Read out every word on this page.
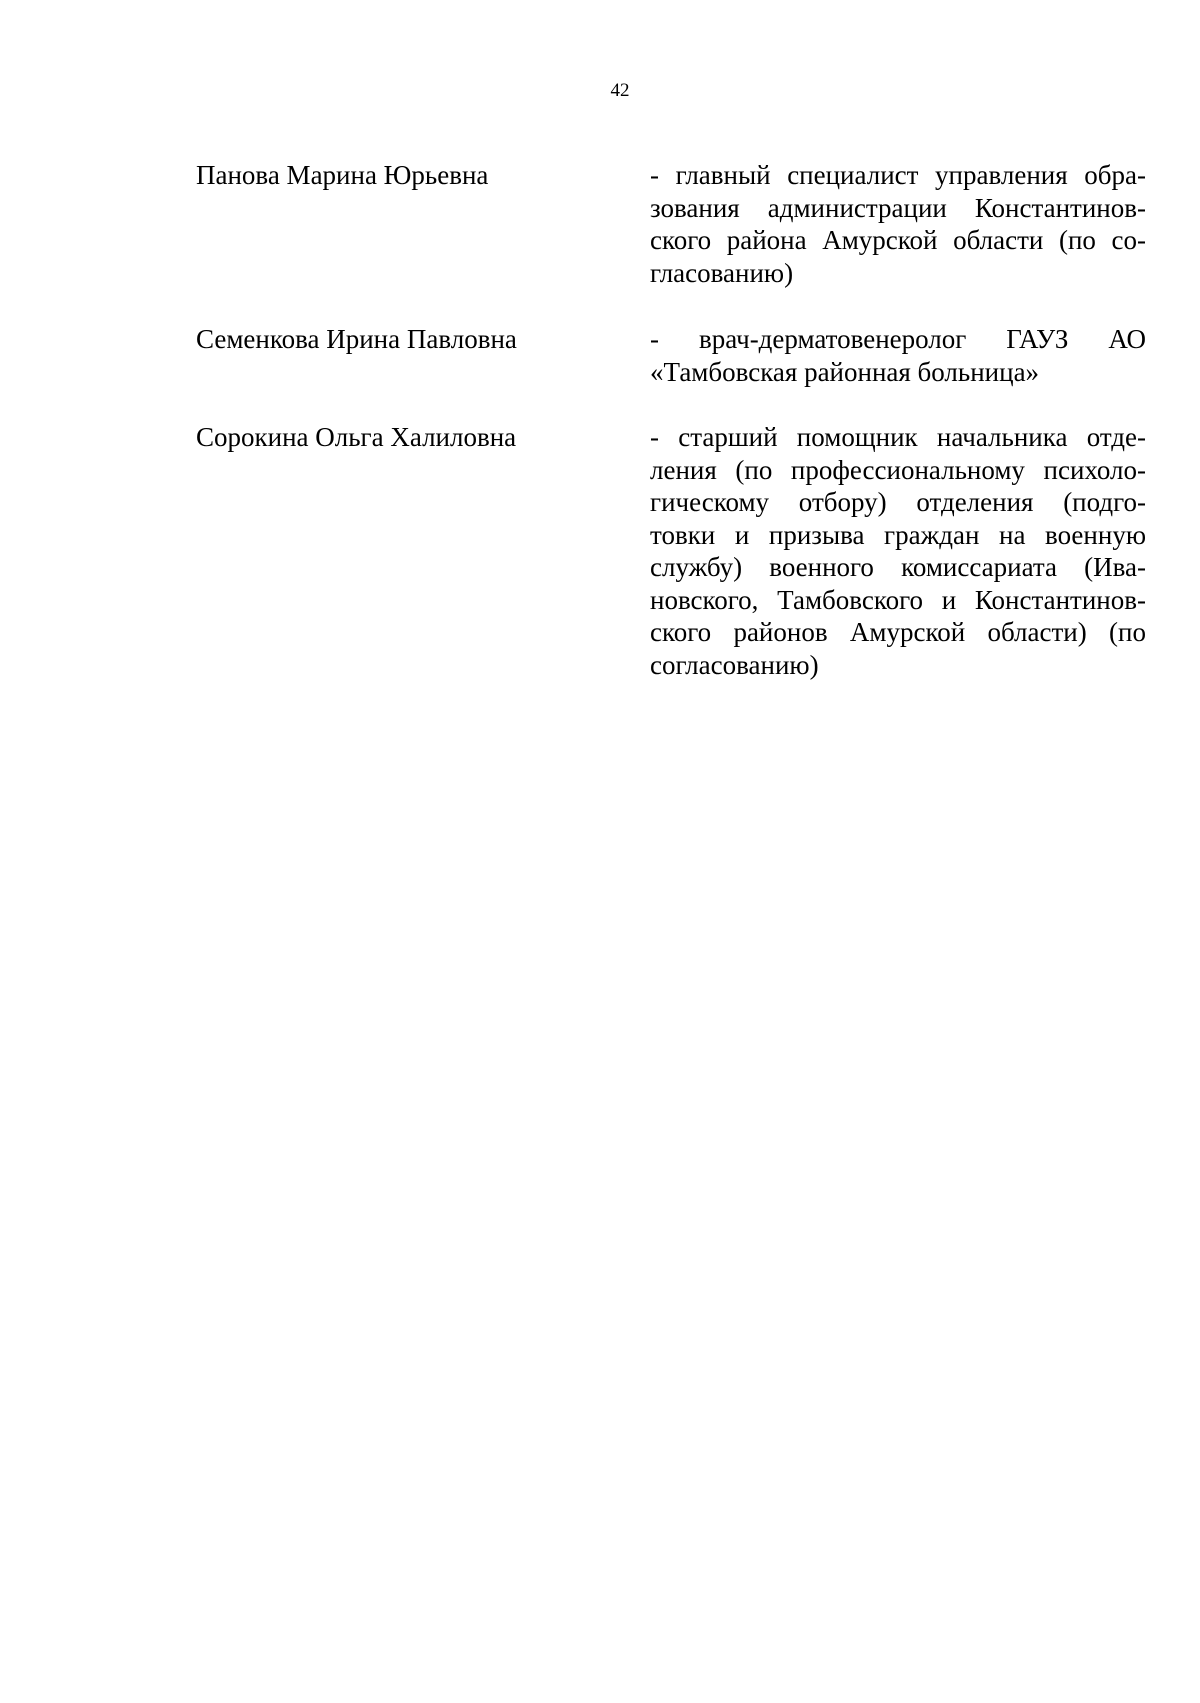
42
Панова Марина Юрьевна	- главный специалист управления обра-
зования администрации Константинов-
ского района Амурской области (по со-
гласованию)
Семенкова Ирина Павловна	- врач-дерматовенеролог ГАУЗ АО
«Тамбовская районная больница»
Сорокина Ольга Халиловна	- старший помощник начальника отде-
ления (по профессиональному психоло-
гическому отбору) отделения (подго-
товки и призыва граждан на военную
службу) военного комиссариата (Ива-
новского, Тамбовского и Константинов-
ского районов Амурской области) (по
согласованию)
